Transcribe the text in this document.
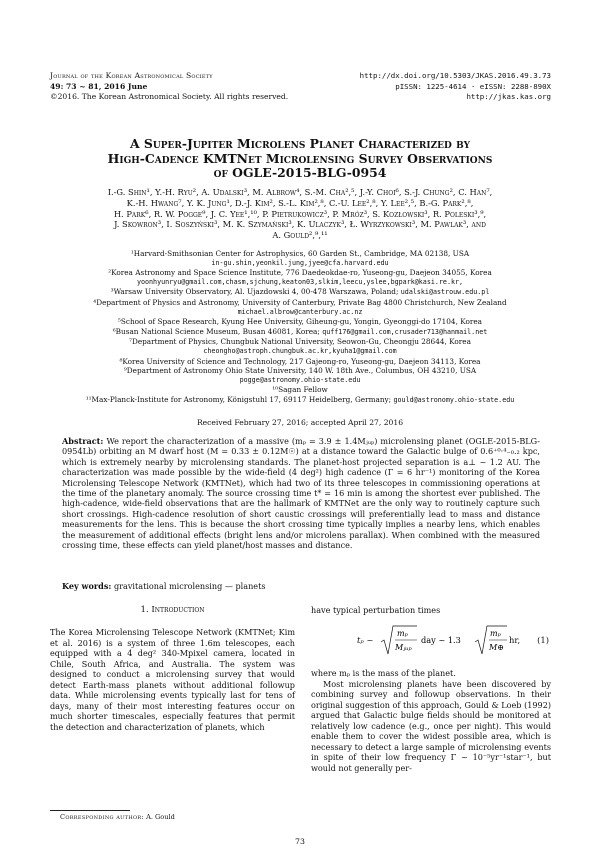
Journal of the Korean Astronomical Society
49: 73 ~ 81, 2016 June
©2016. The Korean Astronomical Society. All rights reserved.
http://dx.doi.org/10.5303/JKAS.2016.49.3.73
pISSN: 1225-4614 · eISSN: 2288-890X
http://jkas.kas.org
A Super-Jupiter Microlens Planet Characterized by
High-Cadence KMTNet Microlensing Survey Observations
of OGLE-2015-BLG-0954
I.-G. Shin¹, Y.-H. Ryu², A. Udalski³, M. Albrow⁴, S.-M. Cha²,⁵, J.-Y. Choi⁶, S.-J. Chung², C. Han⁷,
K.-H. Hwang⁷, Y. K. Jung¹, D.-J. Kim², S.-L. Kim²,⁸, C.-U. Lee²,⁸, Y. Lee²,⁵, B.-G. Park²,⁸,
H. Park⁶, R. W. Pogge⁹, J. C. Yee¹,¹⁰, P. Pietrukowicz³, P. Mróz³, S. Kozłowski³, R. Poleski³,⁹,
J. Skowron³, I. Soszyński³, M. K. Szymański³, K. Ulaczyk³, Ł. Wyrzykowski³, M. Pawlak³, and
A. Gould²,⁹,¹¹
¹Harvard-Smithsonian Center for Astrophysics, 60 Garden St., Cambridge, MA 02138, USA
in-gu.shin,yeonkil.jung,jyee@cfa.harvard.edu
²Korea Astronomy and Space Science Institute, 776 Daedeokdae-ro, Yuseong-gu, Daejeon 34055, Korea
yoonhyunryu@gmail.com,chasm,sjchung,keaton03,slkim,leecu,yslee,bgpark@kasi.re.kr,
³Warsaw University Observatory, Al. Ujazdowski 4, 00-478 Warszawa, Poland; udalski@astrouw.edu.pl
⁴Department of Physics and Astronomy, University of Canterbury, Private Bag 4800 Christchurch, New Zealand
michael.albrow@canterbury.ac.nz
⁵School of Space Research, Kyung Hee University, Giheung-gu, Yongin, Gyeonggi-do 17104, Korea
⁶Busan National Science Museum, Busan 46081, Korea; quff176@gmail.com,crusader713@hanmail.net
⁷Department of Physics, Chungbuk National University, Seowon-Gu, Cheongju 28644, Korea
cheongho@astroph.chungbuk.ac.kr,kyuha1@gmail.com
⁸Korea University of Science and Technology, 217 Gajeong-ro, Yuseong-gu, Daejeon 34113, Korea
⁹Department of Astronomy Ohio State University, 140 W. 18th Ave., Columbus, OH 43210, USA
pogge@astronomy.ohio-state.edu
¹⁰Sagan Fellow
¹¹Max-Planck-Institute for Astronomy, Königstuhl 17, 69117 Heidelberg, Germany; gould@astronomy.ohio-state.edu
Received February 27, 2016; accepted April 27, 2016
Abstract: We report the characterization of a massive (mₚ = 3.9 ± 1.4Mⱼᵤₚ) microlensing planet (OGLE-2015-BLG-0954Lb) orbiting an M dwarf host (M = 0.33 ± 0.12M☉) at a distance toward the Galactic bulge of 0.6⁺⁰·⁴₋₀.₂ kpc, which is extremely nearby by microlensing standards. The planet-host projected separation is a⊥ ~ 1.2 AU. The characterization was made possible by the wide-field (4 deg²) high cadence (Γ = 6 hr⁻¹) monitoring of the Korea Microlensing Telescope Network (KMTNet), which had two of its three telescopes in commissioning operations at the time of the planetary anomaly. The source crossing time t* = 16 min is among the shortest ever published. The high-cadence, wide-field observations that are the hallmark of KMTNet are the only way to routinely capture such short crossings. High-cadence resolution of short caustic crossings will preferentially lead to mass and distance measurements for the lens. This is because the short crossing time typically implies a nearby lens, which enables the measurement of additional effects (bright lens and/or microlens parallax). When combined with the measured crossing time, these effects can yield planet/host masses and distance.
Key words: gravitational microlensing — planets
1. Introduction
The Korea Microlensing Telescope Network (KMTNet; Kim et al. 2016) is a system of three 1.6m telescopes, each equipped with a 4 deg² 340-Mpixel camera, located in Chile, South Africa, and Australia. The system was designed to conduct a microlensing survey that would detect Earth-mass planets without additional followup data. While microlensing events typically last for tens of days, many of their most interesting features occur on much shorter timescales, especially features that permit the detection and characterization of planets, which
have typical perturbation times
tₚ ~
mₚ
Mⱼᵤₚ
day ~ 1.3
mₚ
M⊕
hr, (1)
where mₚ is the mass of the planet.
Most microlensing planets have been discovered by combining survey and followup observations. In their original suggestion of this approach, Gould & Loeb (1992) argued that Galactic bulge fields should be monitored at relatively low cadence (e.g., once per night). This would enable them to cover the widest possible area, which is necessary to detect a large sample of microlensing events in spite of their low frequency Γ ~ 10⁻⁵yr⁻¹star⁻¹, but would not generally per-
Corresponding author: A. Gould
73
